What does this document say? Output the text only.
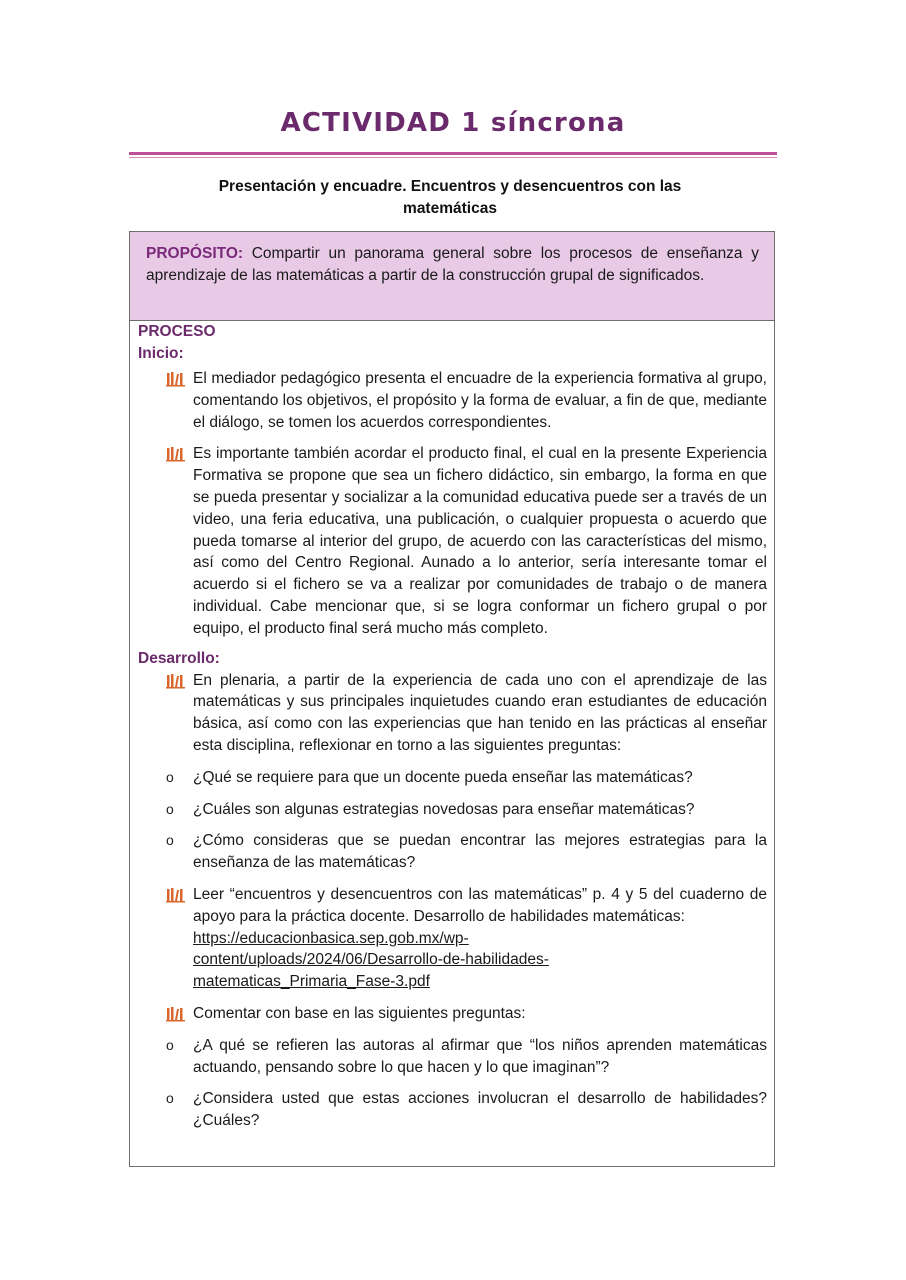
ACTIVIDAD 1 síncrona

Presentación y encuadre. Encuentros y desencuentros con las matemáticas

PROPÓSITO: Compartir un panorama general sobre los procesos de enseñanza y aprendizaje de las matemáticas a partir de la construcción grupal de significados.
PROCESO
Inicio:
El mediador pedagógico presenta el encuadre de la experiencia formativa al grupo, comentando los objetivos, el propósito y la forma de evaluar, a fin de que, mediante el diálogo, se tomen los acuerdos correspondientes.
Es importante también acordar el producto final, el cual en la presente Experiencia Formativa se propone que sea un fichero didáctico, sin embargo, la forma en que se pueda presentar y socializar a la comunidad educativa puede ser a través de un video, una feria educativa, una publicación, o cualquier propuesta o acuerdo que pueda tomarse al interior del grupo, de acuerdo con las características del mismo, así como del Centro Regional. Aunado a lo anterior, sería interesante tomar el acuerdo si el fichero se va a realizar por comunidades de trabajo o de manera individual. Cabe mencionar que, si se logra conformar un fichero grupal o por equipo, el producto final será mucho más completo.
Desarrollo:
En plenaria, a partir de la experiencia de cada uno con el aprendizaje de las matemáticas y sus principales inquietudes cuando eran estudiantes de educación básica, así como con las experiencias que han tenido en las prácticas al enseñar esta disciplina, reflexionar en torno a las siguientes preguntas:
o ¿Qué se requiere para que un docente pueda enseñar las matemáticas?
o ¿Cuáles son algunas estrategias novedosas para enseñar matemáticas?
o ¿Cómo consideras que se puedan encontrar las mejores estrategias para la enseñanza de las matemáticas?
Leer “encuentros y desencuentros con las matemáticas” p. 4 y 5 del cuaderno de apoyo para la práctica docente. Desarrollo de habilidades matemáticas:
https://educacionbasica.sep.gob.mx/wp-
content/uploads/2024/06/Desarrollo-de-habilidades-
matematicas_Primaria_Fase-3.pdf
Comentar con base en las siguientes preguntas:
o ¿A qué se refieren las autoras al afirmar que “los niños aprenden matemáticas actuando, pensando sobre lo que hacen y lo que imaginan”?
o ¿Considera usted que estas acciones involucran el desarrollo de habilidades? ¿Cuáles?
